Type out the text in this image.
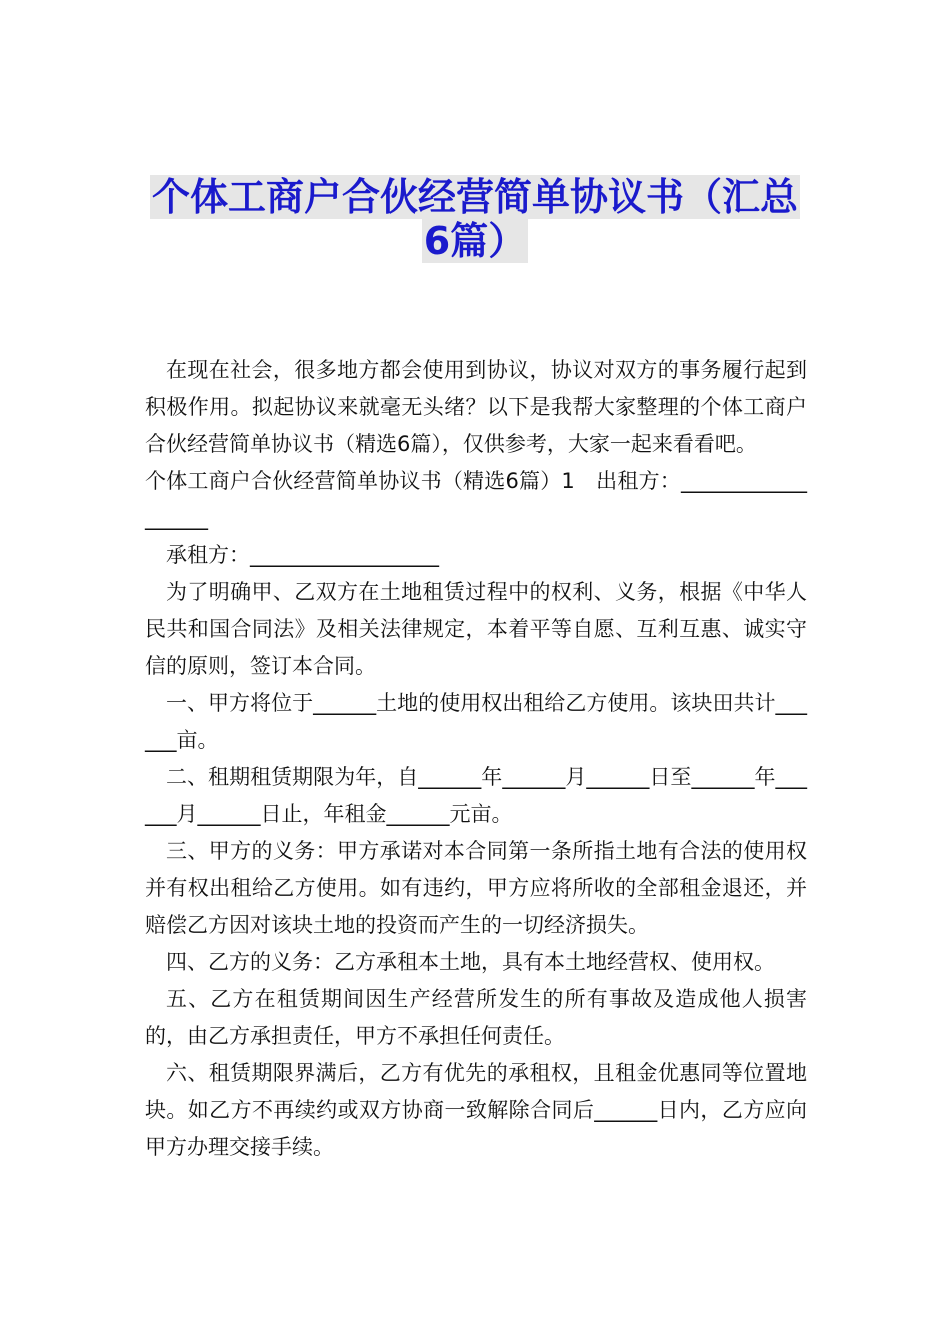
个体工商户合伙经营简单协议书（汇总6篇）

在现在社会，很多地方都会使用到协议，协议对双方的事务履行起到积极作用。拟起协议来就毫无头绪？以下是我帮大家整理的个体工商户合伙经营简单协议书（精选6篇），仅供参考，大家一起来看看吧。

个体工商户合伙经营简单协议书（精选6篇）1　出租方：__________________

承租方：__________________

为了明确甲、乙双方在土地租赁过程中的权利、义务，根据《中华人民共和国合同法》及相关法律规定，本着平等自愿、互利互惠、诚实守信的原则，签订本合同。

一、甲方将位于______土地的使用权出租给乙方使用。该块田共计______亩。

二、租期租赁期限为年，自______年______月______日至______年______月______日止，年租金______元亩。

三、甲方的义务：甲方承诺对本合同第一条所指土地有合法的使用权并有权出租给乙方使用。如有违约，甲方应将所收的全部租金退还，并赔偿乙方因对该块土地的投资而产生的一切经济损失。

四、乙方的义务：乙方承租本土地，具有本土地经营权、使用权。

五、乙方在租赁期间因生产经营所发生的所有事故及造成他人损害的，由乙方承担责任，甲方不承担任何责任。

六、租赁期限界满后，乙方有优先的承租权，且租金优惠同等位置地块。如乙方不再续约或双方协商一致解除合同后______日内，乙方应向甲方办理交接手续。
